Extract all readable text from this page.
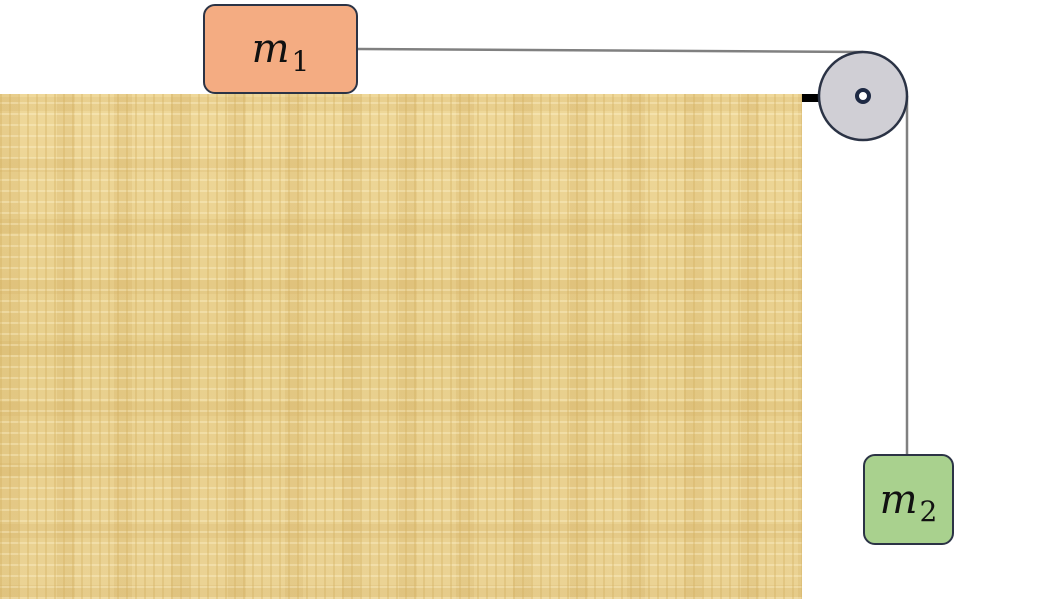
m 1
m 2
